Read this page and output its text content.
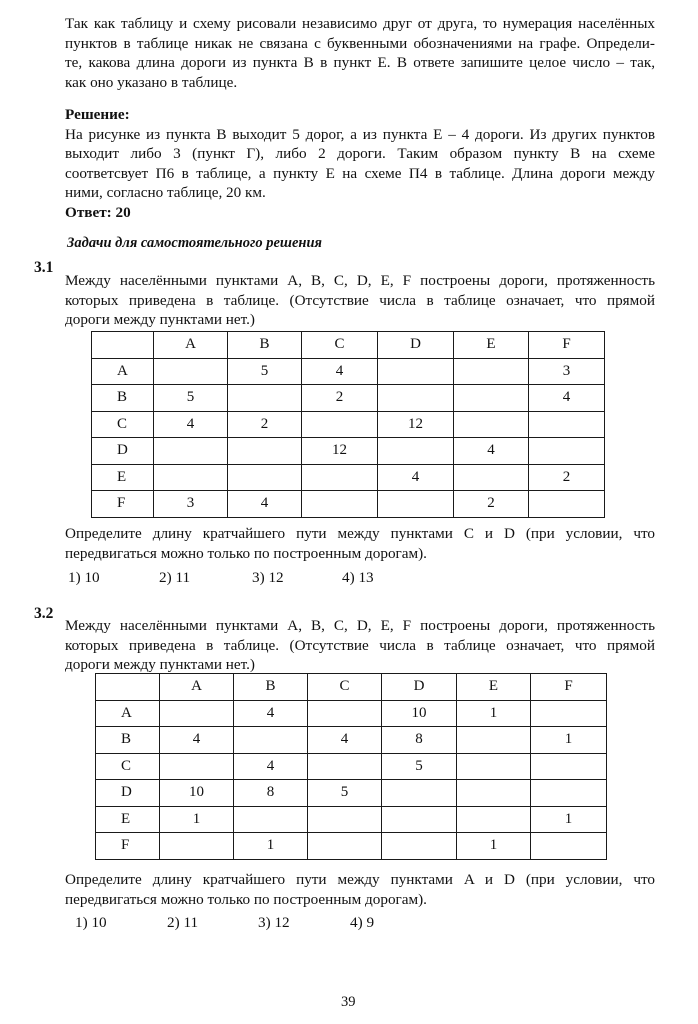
Так как таблицу и схему рисовали независимо друг от друга, то нумерация населённых
пунктов в таблице никак не связана с буквенными обозначениями на графе. Определи-
те, какова длина дороги из пункта В в пункт Е. В ответе запишите целое число – так,
как оно указано в таблице.
Решение:
На рисунке из пункта В выходит 5 дорог, а из пункта Е – 4 дороги. Из других пунктов
выходит либо 3 (пункт Г), либо 2 дороги. Таким образом пункту В на схеме
соответсвует П6 в таблице, а пункту Е на схеме П4 в таблице. Длина дороги между
ними, согласно таблице, 20 км.
Ответ: 20
Задачи для самостоятельного решения
3.1
Между населёнными пунктами A, B, C, D, E, F построены дороги, протяженность
которых приведена в таблице. (Отсутствие числа в таблице означает, что прямой
дороги между пунктами нет.)
	A	B	C	D	E	F
A		5	4			3
B	5		2			4
C	4	2		12		
D			12		4	
E				4		2
F	3	4			2	
Определите длину кратчайшего пути между пунктами C и D (при условии, что
передвигаться можно только по построенным дорогам).
1) 10	2) 11	3) 12	4) 13
3.2
Между населёнными пунктами A, B, C, D, E, F построены дороги, протяженность
которых приведена в таблице. (Отсутствие числа в таблице означает, что прямой
дороги между пунктами нет.)
	A	B	C	D	E	F
A		4		10	1	
B	4		4	8		1
C		4		5		
D	10	8	5			
E	1					1
F		1			1	
Определите длину кратчайшего пути между пунктами A и D (при условии, что
передвигаться можно только по построенным дорогам).
1) 10	2) 11	3) 12	4) 9
39
